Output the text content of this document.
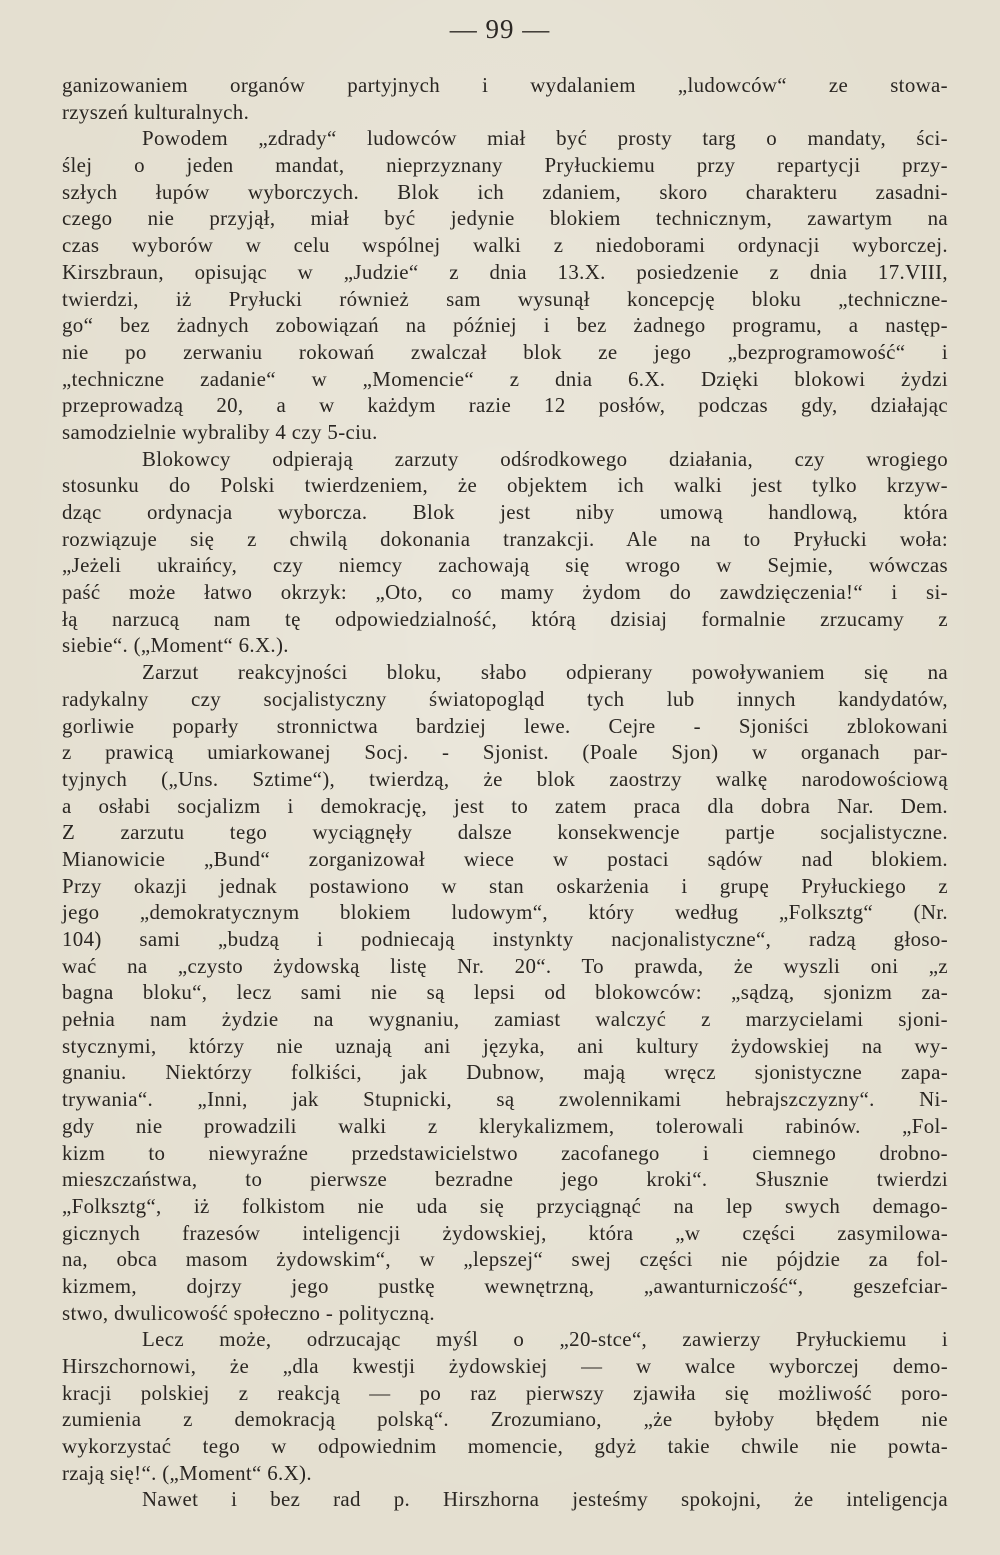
— 99 —
ganizowaniem organów partyjnych i wydalaniem „ludowców“ ze stowa-
rzyszeń kulturalnych.
Powodem „zdrady“ ludowców miał być prosty targ o mandaty, ści-
ślej o jeden mandat, nieprzyznany Pryłuckiemu przy repartycji przy-
szłych łupów wyborczych. Blok ich zdaniem, skoro charakteru zasadni-
czego nie przyjął, miał być jedynie blokiem technicznym, zawartym na
czas wyborów w celu wspólnej walki z niedoborami ordynacji wyborczej.
Kirszbraun, opisując w „Judzie“ z dnia 13.X. posiedzenie z dnia 17.VIII,
twierdzi, iż Pryłucki również sam wysunął koncepcję bloku „techniczne-
go“ bez żadnych zobowiązań na później i bez żadnego programu, a następ-
nie po zerwaniu rokowań zwalczał blok ze jego „bezprogramowość“ i
„techniczne zadanie“ w „Momencie“ z dnia 6.X. Dzięki blokowi żydzi
przeprowadzą 20, a w każdym razie 12 posłów, podczas gdy, działając
samodzielnie wybraliby 4 czy 5-ciu.
Blokowcy odpierają zarzuty odśrodkowego działania, czy wrogiego
stosunku do Polski twierdzeniem, że objektem ich walki jest tylko krzyw-
dząc ordynacja wyborcza. Blok jest niby umową handlową, która
rozwiązuje się z chwilą dokonania tranzakcji. Ale na to Pryłucki woła:
„Jeżeli ukraińcy, czy niemcy zachowają się wrogo w Sejmie, wówczas
paść może łatwo okrzyk: „Oto, co mamy żydom do zawdzięczenia!“ i si-
łą narzucą nam tę odpowiedzialność, którą dzisiaj formalnie zrzucamy z
siebie“. („Moment“ 6.X.).
Zarzut reakcyjności bloku, słabo odpierany powoływaniem się na
radykalny czy socjalistyczny światopogląd tych lub innych kandydatów,
gorliwie poparły stronnictwa bardziej lewe. Cejre - Sjoniści zblokowani
z prawicą umiarkowanej Socj. - Sjonist. (Poale Sjon) w organach par-
tyjnych („Uns. Sztime“), twierdzą, że blok zaostrzy walkę narodowościową
a osłabi socjalizm i demokrację, jest to zatem praca dla dobra Nar. Dem.
Z zarzutu tego wyciągnęły dalsze konsekwencje partje socjalistyczne.
Mianowicie „Bund“ zorganizował wiece w postaci sądów nad blokiem.
Przy okazji jednak postawiono w stan oskarżenia i grupę Pryłuckiego z
jego „demokratycznym blokiem ludowym“, który według „Folksztg“ (Nr.
104) sami „budzą i podniecają instynkty nacjonalistyczne“, radzą głoso-
wać na „czysto żydowską listę Nr. 20“. To prawda, że wyszli oni „z
bagna bloku“, lecz sami nie są lepsi od blokowców: „sądzą, sjonizm za-
pełnia nam żydzie na wygnaniu, zamiast walczyć z marzycielami sjoni-
stycznymi, którzy nie uznają ani języka, ani kultury żydowskiej na wy-
gnaniu. Niektórzy folkiści, jak Dubnow, mają wręcz sjonistyczne zapa-
trywania“. „Inni, jak Stupnicki, są zwolennikami hebrajszczyzny“. Ni-
gdy nie prowadzili walki z klerykalizmem, tolerowali rabinów. „Fol-
kizm to niewyraźne przedstawicielstwo zacofanego i ciemnego drobno-
mieszczaństwa, to pierwsze bezradne jego kroki“. Słusznie twierdzi
„Folksztg“, iż folkistom nie uda się przyciągnąć na lep swych demago-
gicznych frazesów inteligencji żydowskiej, która „w części zasymilowa-
na, obca masom żydowskim“, w „lepszej“ swej części nie pójdzie za fol-
kizmem, dojrzy jego pustkę wewnętrzną, „awanturniczość“, geszefciar-
stwo, dwulicowość społeczno - polityczną.
Lecz może, odrzucając myśl o „20-stce“, zawierzy Pryłuckiemu i
Hirszchornowi, że „dla kwestji żydowskiej — w walce wyborczej demo-
kracji polskiej z reakcją — po raz pierwszy zjawiła się możliwość poro-
zumienia z demokracją polską“. Zrozumiano, „że byłoby błędem nie
wykorzystać tego w odpowiednim momencie, gdyż takie chwile nie powta-
rzają się!“. („Moment“ 6.X).
Nawet i bez rad p. Hirszhorna jesteśmy spokojni, że inteligencja
